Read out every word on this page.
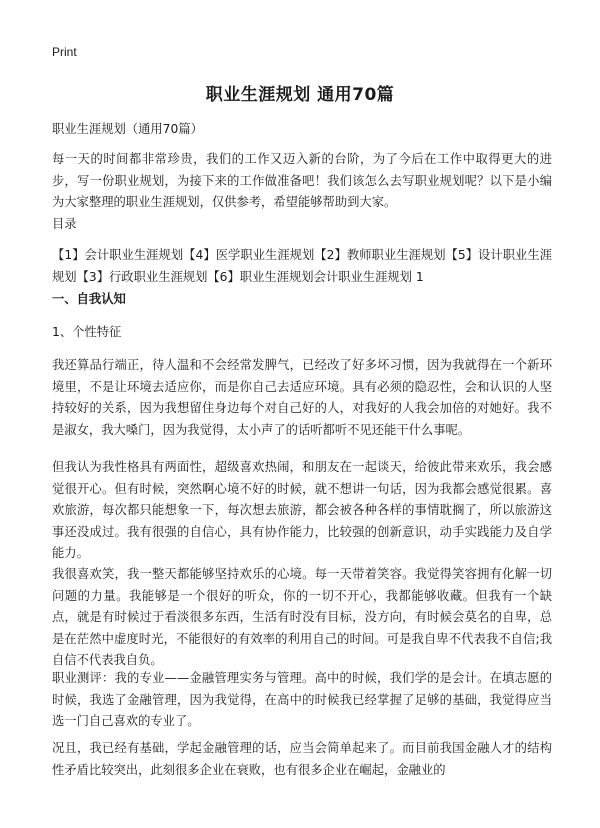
Print
职业生涯规划 通用70篇
职业生涯规划（通用70篇）
每一天的时间都非常珍贵，我们的工作又迈入新的台阶，为了今后在工作中取得更大的进步，写一份职业规划，为接下来的工作做准备吧！我们该怎么去写职业规划呢？以下是小编为大家整理的职业生涯规划，仅供参考，希望能够帮助到大家。
目录
【1】会计职业生涯规划【4】医学职业生涯规划【2】教师职业生涯规划【5】设计职业生涯规划【3】行政职业生涯规划【6】职业生涯规划会计职业生涯规划 1
一、自我认知
1、个性特征
我还算品行端正，待人温和不会经常发脾气，已经改了好多坏习惯，因为我就得在一个新环境里，不是让环境去适应你，而是你自己去适应环境。具有必须的隐忍性，会和认识的人坚持较好的关系，因为我想留住身边每个对自己好的人，对我好的人我会加倍的对她好。我不是淑女，我大嗓门，因为我觉得，太小声了的话听都听不见还能干什么事呢。
但我认为我性格具有两面性，超级喜欢热闹，和朋友在一起谈天，给彼此带来欢乐，我会感觉很开心。但有时候，突然啊心境不好的时候，就不想讲一句话，因为我都会感觉很累。喜欢旅游，每次都只能想象一下，每次想去旅游，都会被各种各样的事情耽搁了，所以旅游这事还没成过。我有很强的自信心，具有协作能力，比较强的创新意识，动手实践能力及自学能力。
我很喜欢笑，我一整天都能够坚持欢乐的心境。每一天带着笑容。我觉得笑容拥有化解一切问题的力量。我能够是一个很好的听众，你的一切不开心，我都能够收藏。但我有一个缺点，就是有时候过于看淡很多东西，生活有时没有目标，没方向，有时候会莫名的自卑，总是在茫然中虚度时光，不能很好的有效率的利用自己的时间。可是我自卑不代表我不自信;我自信不代表我自负。
职业测评：我的专业——金融管理实务与管理。高中的时候，我们学的是会计。在填志愿的时候，我选了金融管理，因为我觉得，在高中的时候我已经掌握了足够的基础，我觉得应当选一门自己喜欢的专业了。
况且，我已经有基础，学起金融管理的话，应当会简单起来了。而目前我国金融人才的结构性矛盾比较突出，此刻很多企业在衰败，也有很多企业在崛起，金融业的
